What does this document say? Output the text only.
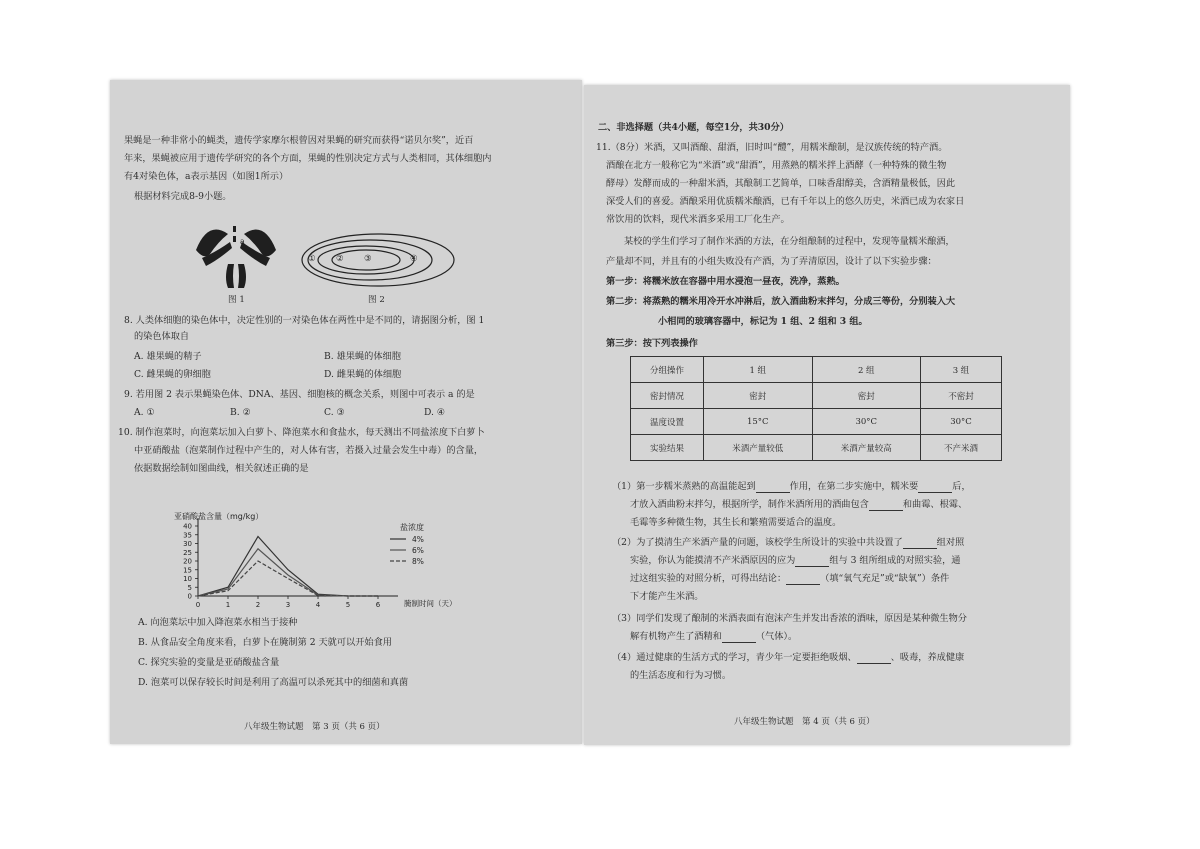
果蝇是一种非常小的蝇类，遗传学家摩尔根曾因对果蝇的研究而获得“诺贝尔奖”，近百
年来，果蝇被应用于遗传学研究的各个方面，果蝇的性别决定方式与人类相同，其体细胞内
有4对染色体，a表示基因（如图1所示）
根据材料完成8-9小题。
a
图 1
① ② ③	④
图 2
8. 人类体细胞的染色体中，决定性别的一对染色体在两性中是不同的，请据图分析，图 1
的染色体取自
A. 雄果蝇的精子	B. 雄果蝇的体细胞
C. 雌果蝇的卵细胞	D. 雌果蝇的体细胞
9. 若用图 2 表示果蝇染色体、DNA、基因、细胞核的概念关系，则图中可表示 a 的是
A. ①	B. ②	C. ③	D. ④
10. 制作泡菜时，向泡菜坛加入白萝卜、降泡菜水和食盐水，每天测出不同盐浓度下白萝卜
中亚硝酸盐（泡菜制作过程中产生的，对人体有害，若摄入过量会发生中毒）的含量，
依据数据绘制如图曲线，相关叙述正确的是
亚硝酸盐含量（mg/kg）
腌制时间（天）
盐浓度
0
5
10
15
20
25
30
35
40
0	1	2	3	4	5	6
4%
6%
8%
A. 向泡菜坛中加入降泡菜水相当于接种
B. 从食品安全角度来看，白萝卜在腌制第 2 天就可以开始食用
C. 探究实验的变量是亚硝酸盐含量
D. 泡菜可以保存较长时间是利用了高温可以杀死其中的细菌和真菌
八年级生物试题　第 3 页（共 6 页）
二、非选择题（共4小题，每空1分，共30分）
11.（8分）米酒，又叫酒酿、甜酒，旧时叫“醴”，用糯米酿制，是汉族传统的特产酒。
酒酿在北方一般称它为“米酒”或“甜酒”，用蒸熟的糯米拌上酒酵（一种特殊的微生物
酵母）发酵而成的一种甜米酒，其酿制工艺简单，口味香甜醇美，含酒精量极低，因此
深受人们的喜爱。酒酿采用优质糯米酿酒，已有千年以上的悠久历史，米酒已成为农家日
常饮用的饮料，现代米酒多采用工厂化生产。
某校的学生们学习了制作米酒的方法，在分组酿制的过程中，发现等量糯米酿酒，
产量却不同，并且有的小组失败没有产酒，为了弄清原因，设计了以下实验步骤：
第一步：将糯米放在容器中用水浸泡一昼夜，洗净，蒸熟。
第二步：将蒸熟的糯米用冷开水冲淋后，放入酒曲粉末拌匀，分成三等份，分别装入大
小相同的玻璃容器中，标记为 1 组、2 组和 3 组。
第三步：按下列表操作
分组操作	1 组	2 组	3 组
密封情况	密封	密封	不密封
温度设置	15°C	30°C	30°C
实验结果	米酒产量较低	米酒产量较高	不产米酒
（1）第一步糯米蒸熟的高温能起到	作用，在第二步实施中，糯米要	后，
才放入酒曲粉末拌匀，根据所学，制作米酒所用的酒曲包含	和曲霉、根霉、
毛霉等多种微生物，其生长和繁殖需要适合的温度。
（2）为了摸清生产米酒产量的问题，该校学生所设计的实验中共设置了	组对照
实验，你认为能摸清不产米酒原因的应为	组与 3 组所组成的对照实验，通
过这组实验的对照分析，可得出结论：	（填“氧气充足”或“缺氧”）条件
下才能产生米酒。
（3）同学们发现了酿制的米酒表面有泡沫产生并发出香浓的酒味，原因是某种微生物分
解有机物产生了酒精和	（气体）。
（4）通过健康的生活方式的学习，青少年一定要拒绝吸烟、	、吸毒，养成健康
的生活态度和行为习惯。
八年级生物试题　第 4 页（共 6 页）
